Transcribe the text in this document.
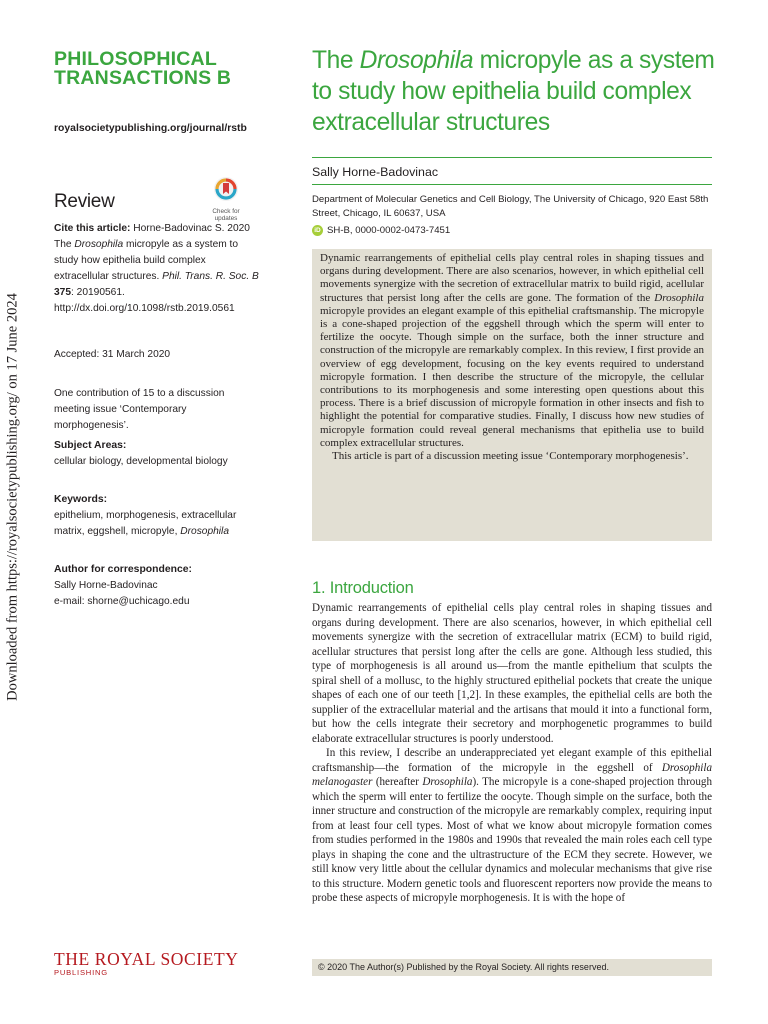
Downloaded from https://royalsocietypublishing.org/ on 17 June 2024
PHILOSOPHICAL
TRANSACTIONS B
royalsocietypublishing.org/journal/rstb
Review	Check for
updates
Cite this article: Horne-Badovinac S. 2020 The Drosophila micropyle as a system to study how epithelia build complex extracellular structures. Phil. Trans. R. Soc. B 375: 20190561.
http://dx.doi.org/10.1098/rstb.2019.0561
Accepted: 31 March 2020
One contribution of 15 to a discussion meeting issue ‘Contemporary morphogenesis’.
Subject Areas:
cellular biology, developmental biology
Keywords:
epithelium, morphogenesis, extracellular matrix, eggshell, micropyle, Drosophila
Author for correspondence:
Sally Horne-Badovinac
e-mail: shorne@uchicago.edu
The Drosophila micropyle as a system to study how epithelia build complex extracellular structures
Sally Horne-Badovinac
Department of Molecular Genetics and Cell Biology, The University of Chicago, 920 East 58th Street, Chicago, IL 60637, USA
iD SH-B, 0000-0002-0473-7451

Dynamic rearrangements of epithelial cells play central roles in shaping tissues and organs during development. There are also scenarios, however, in which epithelial cell movements synergize with the secretion of extracellular matrix to build rigid, acellular structures that persist long after the cells are gone. The formation of the Drosophila micropyle provides an elegant example of this epithelial craftsmanship. The micropyle is a cone-shaped projection of the eggshell through which the sperm will enter to fertilize the oocyte. Though simple on the surface, both the inner structure and construction of the micropyle are remarkably complex. In this review, I first provide an overview of egg development, focusing on the key events required to understand micropyle formation. I then describe the structure of the micropyle, the cellular contributions to its morphogenesis and some interesting open questions about this process. There is a brief discussion of micropyle formation in other insects and fish to highlight the potential for comparative studies. Finally, I discuss how new studies of micropyle formation could reveal general mechanisms that epithelia use to build complex extracellular structures.

This article is part of a discussion meeting issue ‘Contemporary morphogenesis’.

1. Introduction

Dynamic rearrangements of epithelial cells play central roles in shaping tissues and organs during development. There are also scenarios, however, in which epithelial cell movements synergize with the secretion of extracellular matrix (ECM) to build rigid, acellular structures that persist long after the cells are gone. Although less studied, this type of morphogenesis is all around us—from the mantle epithelium that sculpts the spiral shell of a mollusc, to the highly structured epithelial pockets that create the unique shapes of each one of our teeth [1,2]. In these examples, the epithelial cells are both the supplier of the extracellular material and the artisans that mould it into a functional form, but how the cells integrate their secretory and morphogenetic programmes to build elaborate extracellular structures is poorly understood.

In this review, I describe an underappreciated yet elegant example of this epithelial craftsmanship—the formation of the micropyle in the eggshell of Drosophila melanogaster (hereafter Drosophila). The micropyle is a cone-shaped projection through which the sperm will enter to fertilize the oocyte. Though simple on the surface, both the inner structure and construction of the micropyle are remarkably complex, requiring input from at least four cell types. Most of what we know about micropyle formation comes from studies performed in the 1980s and 1990s that revealed the main roles each cell type plays in shaping the cone and the ultrastructure of the ECM they secrete. However, we still know very little about the cellular dynamics and molecular mechanisms that give rise to this structure. Modern genetic tools and fluorescent reporters now provide the means to probe these aspects of micropyle morphogenesis. It is with the hope of

© 2020 The Author(s) Published by the Royal Society. All rights reserved.
THE ROYAL SOCIETY
PUBLISHING
